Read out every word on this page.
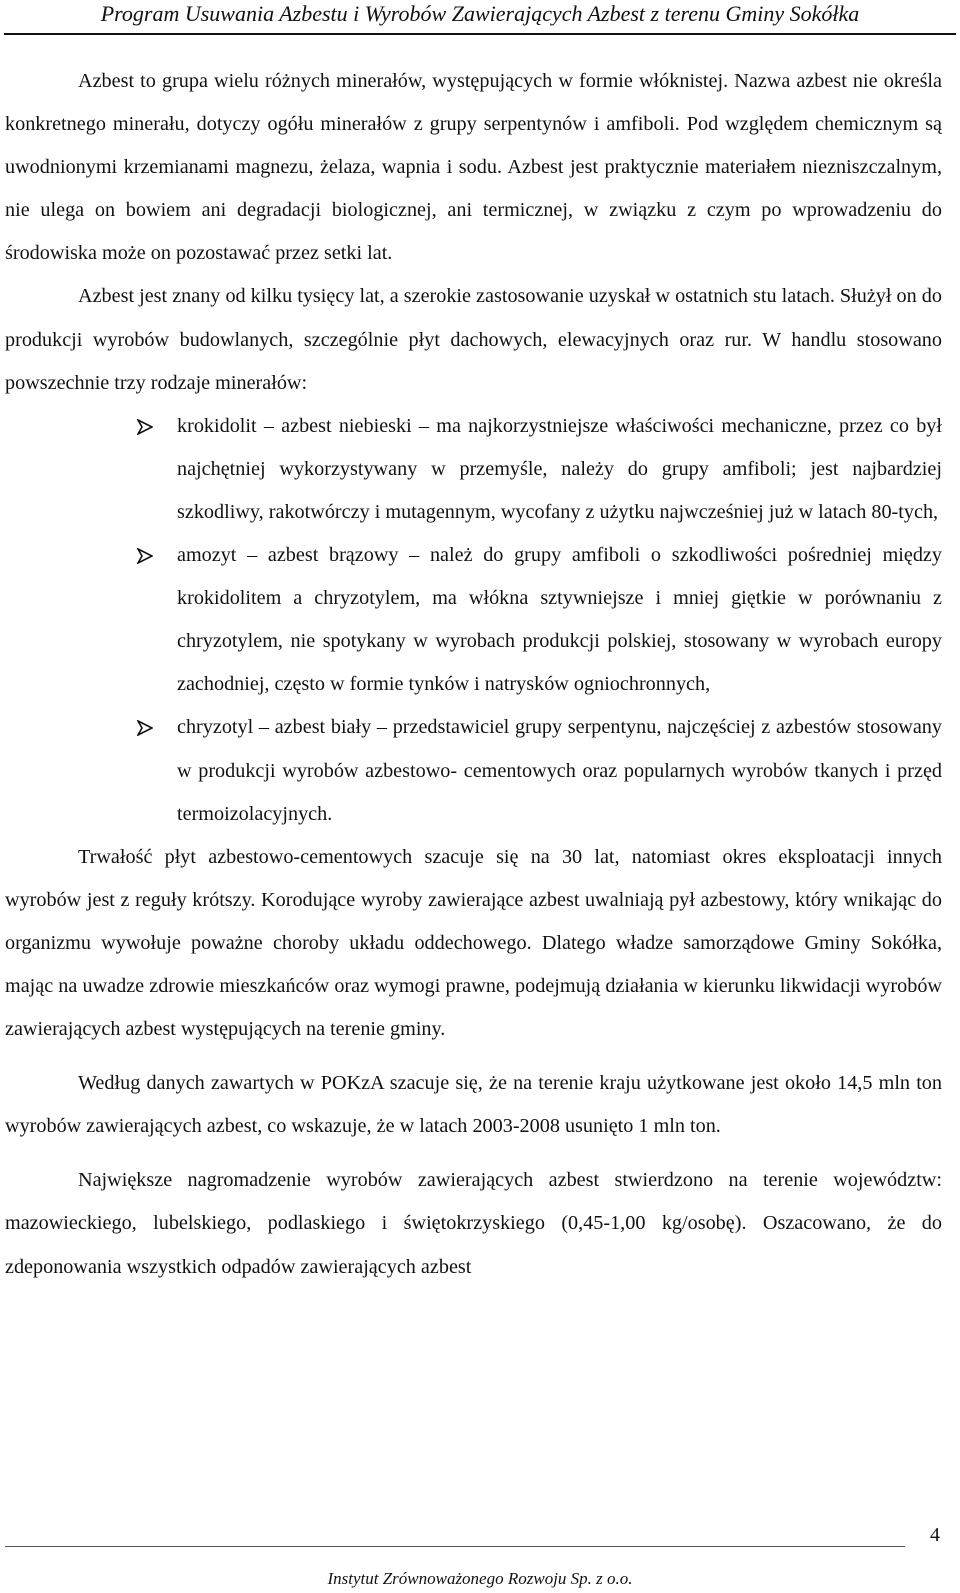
Program Usuwania Azbestu i Wyrobów Zawierających Azbest z terenu Gminy Sokółka

Azbest to grupa wielu różnych minerałów, występujących w formie włóknistej. Nazwa azbest nie określa konkretnego minerału, dotyczy ogółu minerałów z grupy serpentynów i amfiboli. Pod względem chemicznym są uwodnionymi krzemianami magnezu, żelaza, wapnia i sodu. Azbest jest praktycznie materiałem niezniszczalnym, nie ulega on bowiem ani degradacji biologicznej, ani termicznej, w związku z czym po wprowadzeniu do środowiska może on pozostawać przez setki lat.

Azbest jest znany od kilku tysięcy lat, a szerokie zastosowanie uzyskał w ostatnich stu latach. Służył on do produkcji wyrobów budowlanych, szczególnie płyt dachowych, elewacyjnych oraz rur. W handlu stosowano powszechnie trzy rodzaje minerałów:

krokidolit – azbest niebieski – ma najkorzystniejsze właściwości mechaniczne, przez co był najchętniej wykorzystywany w przemyśle, należy do grupy amfiboli; jest najbardziej szkodliwy, rakotwórczy i mutagennym, wycofany z użytku najwcześniej już w latach 80-tych,
amozyt – azbest brązowy – należ do grupy amfiboli o szkodliwości pośredniej między krokidolitem a chryzotylem, ma włókna sztywniejsze i mniej giętkie w porównaniu z chryzotylem, nie spotykany w wyrobach produkcji polskiej, stosowany w wyrobach europy zachodniej, często w formie tynków i natrysków ogniochronnych,
chryzotyl – azbest biały – przedstawiciel grupy serpentynu, najczęściej z azbestów stosowany w produkcji wyrobów azbestowo- cementowych oraz popularnych wyrobów tkanych i przęd termoizolacyjnych.

Trwałość płyt azbestowo-cementowych szacuje się na 30 lat, natomiast okres eksploatacji innych wyrobów jest z reguły krótszy. Korodujące wyroby zawierające azbest uwalniają pył azbestowy, który wnikając do organizmu wywołuje poważne choroby układu oddechowego. Dlatego władze samorządowe Gminy Sokółka, mając na uwadze zdrowie mieszkańców oraz wymogi prawne, podejmują działania w kierunku likwidacji wyrobów zawierających azbest występujących na terenie gminy.

Według danych zawartych w POKzA szacuje się, że na terenie kraju użytkowane jest około 14,5 mln ton wyrobów zawierających azbest, co wskazuje, że w latach 2003-2008 usunięto 1 mln ton.

Największe nagromadzenie wyrobów zawierających azbest stwierdzono na terenie województw: mazowieckiego, lubelskiego, podlaskiego i świętokrzyskiego (0,45-1,00 kg/osobę). Oszacowano, że do zdeponowania wszystkich odpadów zawierających azbest

4
Instytut Zrównoważonego Rozwoju Sp. z o.o.
